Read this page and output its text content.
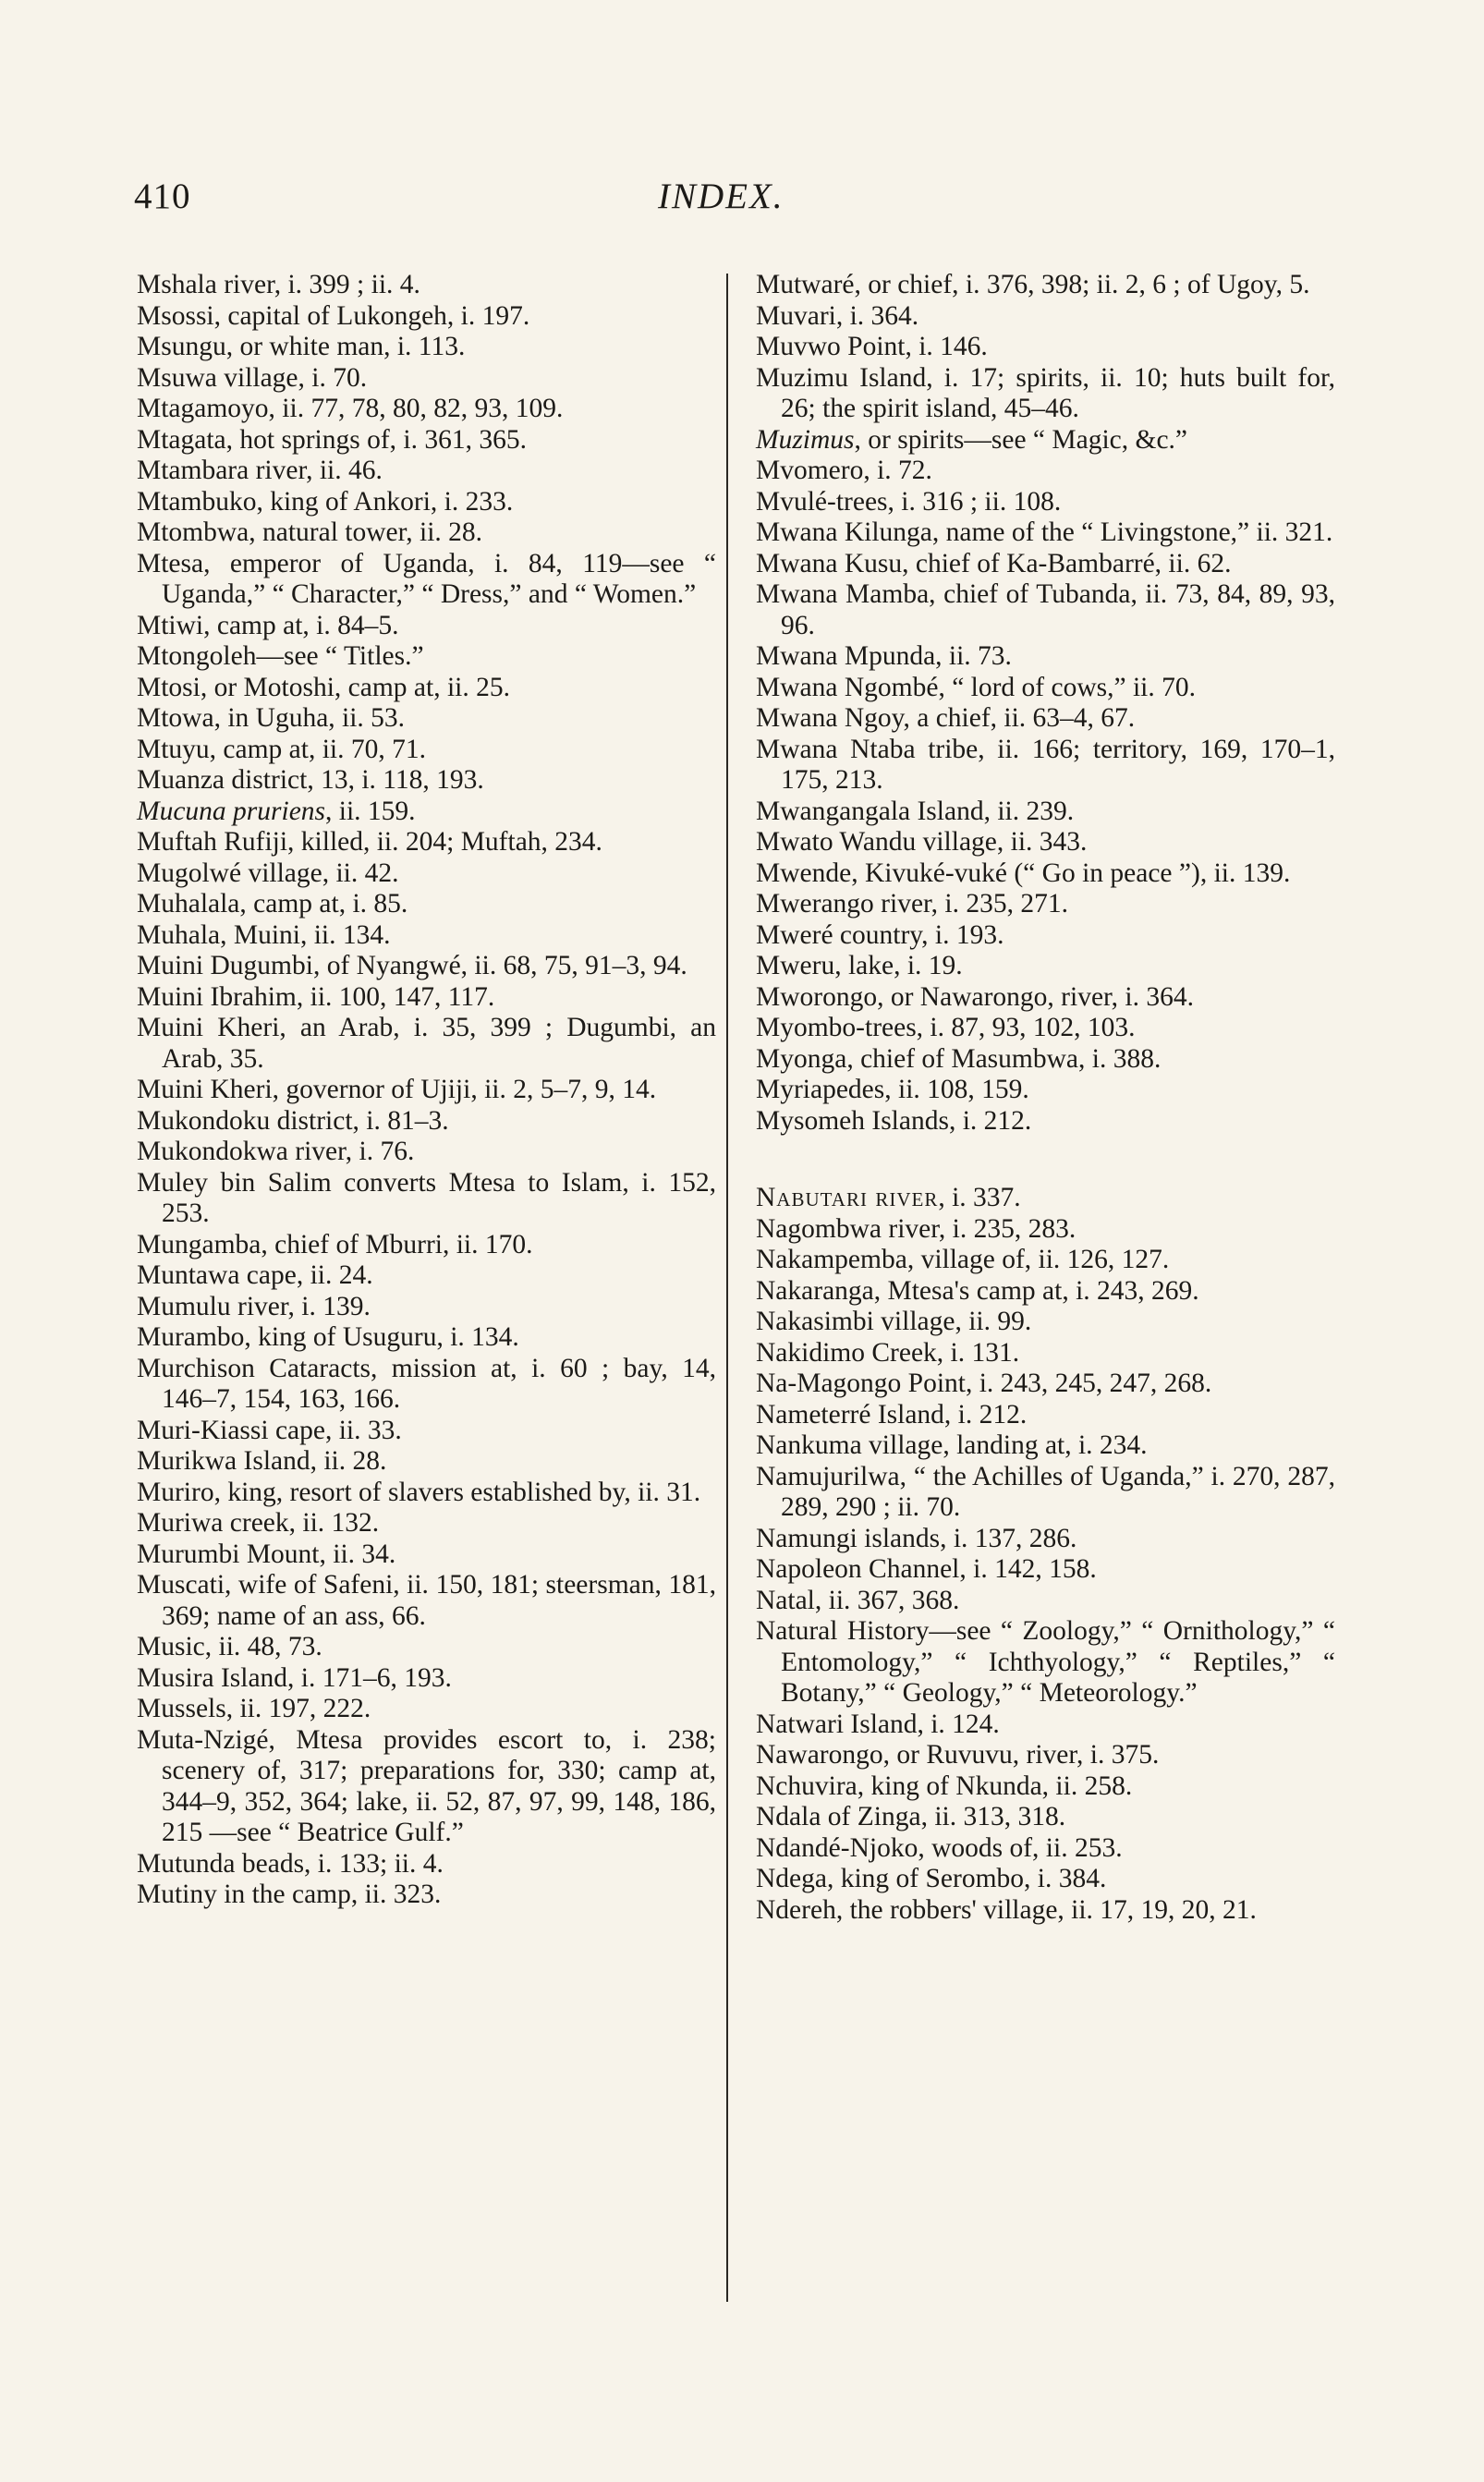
410	INDEX.
Mshala river, i. 399 ; ii. 4.
Msossi, capital of Lukongeh, i. 197.
Msungu, or white man, i. 113.
Msuwa village, i. 70.
Mtagamoyo, ii. 77, 78, 80, 82, 93, 109.
Mtagata, hot springs of, i. 361, 365.
Mtambara river, ii. 46.
Mtambuko, king of Ankori, i. 233.
Mtombwa, natural tower, ii. 28.
Mtesa, emperor of Uganda, i. 84, 119—see “ Uganda,” “ Character,” “ Dress,” and “ Women.”
Mtiwi, camp at, i. 84–5.
Mtongoleh—see “ Titles.”
Mtosi, or Motoshi, camp at, ii. 25.
Mtowa, in Uguha, ii. 53.
Mtuyu, camp at, ii. 70, 71.
Muanza district, 13, i. 118, 193.
Mucuna pruriens, ii. 159.
Muftah Rufiji, killed, ii. 204; Muftah, 234.
Mugolwé village, ii. 42.
Muhalala, camp at, i. 85.
Muhala, Muini, ii. 134.
Muini Dugumbi, of Nyangwé, ii. 68, 75, 91–3, 94.
Muini Ibrahim, ii. 100, 147, 117.
Muini Kheri, an Arab, i. 35, 399 ; Dugumbi, an Arab, 35.
Muini Kheri, governor of Ujiji, ii. 2, 5–7, 9, 14.
Mukondoku district, i. 81–3.
Mukondokwa river, i. 76.
Muley bin Salim converts Mtesa to Islam, i. 152, 253.
Mungamba, chief of Mburri, ii. 170.
Muntawa cape, ii. 24.
Mumulu river, i. 139.
Murambo, king of Usuguru, i. 134.
Murchison Cataracts, mission at, i. 60 ; bay, 14, 146–7, 154, 163, 166.
Muri-Kiassi cape, ii. 33.
Murikwa Island, ii. 28.
Muriro, king, resort of slavers established by, ii. 31.
Muriwa creek, ii. 132.
Murumbi Mount, ii. 34.
Muscati, wife of Safeni, ii. 150, 181; steersman, 181, 369; name of an ass, 66.
Music, ii. 48, 73.
Musira Island, i. 171–6, 193.
Mussels, ii. 197, 222.
Muta-Nzigé, Mtesa provides escort to, i. 238; scenery of, 317; preparations for, 330; camp at, 344–9, 352, 364; lake, ii. 52, 87, 97, 99, 148, 186, 215 —see “ Beatrice Gulf.”
Mutunda beads, i. 133; ii. 4.
Mutiny in the camp, ii. 323.
Mutwaré, or chief, i. 376, 398; ii. 2, 6 ; of Ugoy, 5.
Muvari, i. 364.
Muvwo Point, i. 146.
Muzimu Island, i. 17; spirits, ii. 10; huts built for, 26; the spirit island, 45–46.
Muzimus, or spirits—see “ Magic, &c.”
Mvomero, i. 72.
Mvulé-trees, i. 316 ; ii. 108.
Mwana Kilunga, name of the “ Livingstone,” ii. 321.
Mwana Kusu, chief of Ka-Bambarré, ii. 62.
Mwana Mamba, chief of Tubanda, ii. 73, 84, 89, 93, 96.
Mwana Mpunda, ii. 73.
Mwana Ngombé, “ lord of cows,” ii. 70.
Mwana Ngoy, a chief, ii. 63–4, 67.
Mwana Ntaba tribe, ii. 166; territory, 169, 170–1, 175, 213.
Mwangangala Island, ii. 239.
Mwato Wandu village, ii. 343.
Mwende, Kivuké-vuké (“ Go in peace ”), ii. 139.
Mwerango river, i. 235, 271.
Mweré country, i. 193.
Mweru, lake, i. 19.
Mworongo, or Nawarongo, river, i. 364.
Myombo-trees, i. 87, 93, 102, 103.
Myonga, chief of Masumbwa, i. 388.
Myriapedes, ii. 108, 159.
Mysomeh Islands, i. 212.
Nabutari river, i. 337.
Nagombwa river, i. 235, 283.
Nakampemba, village of, ii. 126, 127.
Nakaranga, Mtesa's camp at, i. 243, 269.
Nakasimbi village, ii. 99.
Nakidimo Creek, i. 131.
Na-Magongo Point, i. 243, 245, 247, 268.
Nameterré Island, i. 212.
Nankuma village, landing at, i. 234.
Namujurilwa, “ the Achilles of Uganda,” i. 270, 287, 289, 290 ; ii. 70.
Namungi islands, i. 137, 286.
Napoleon Channel, i. 142, 158.
Natal, ii. 367, 368.
Natural History—see “ Zoology,” “ Ornithology,” “ Entomology,” “ Ichthyology,” “ Reptiles,” “ Botany,” “ Geology,” “ Meteorology.”
Natwari Island, i. 124.
Nawarongo, or Ruvuvu, river, i. 375.
Nchuvira, king of Nkunda, ii. 258.
Ndala of Zinga, ii. 313, 318.
Ndandé-Njoko, woods of, ii. 253.
Ndega, king of Serombo, i. 384.
Ndereh, the robbers' village, ii. 17, 19, 20, 21.
